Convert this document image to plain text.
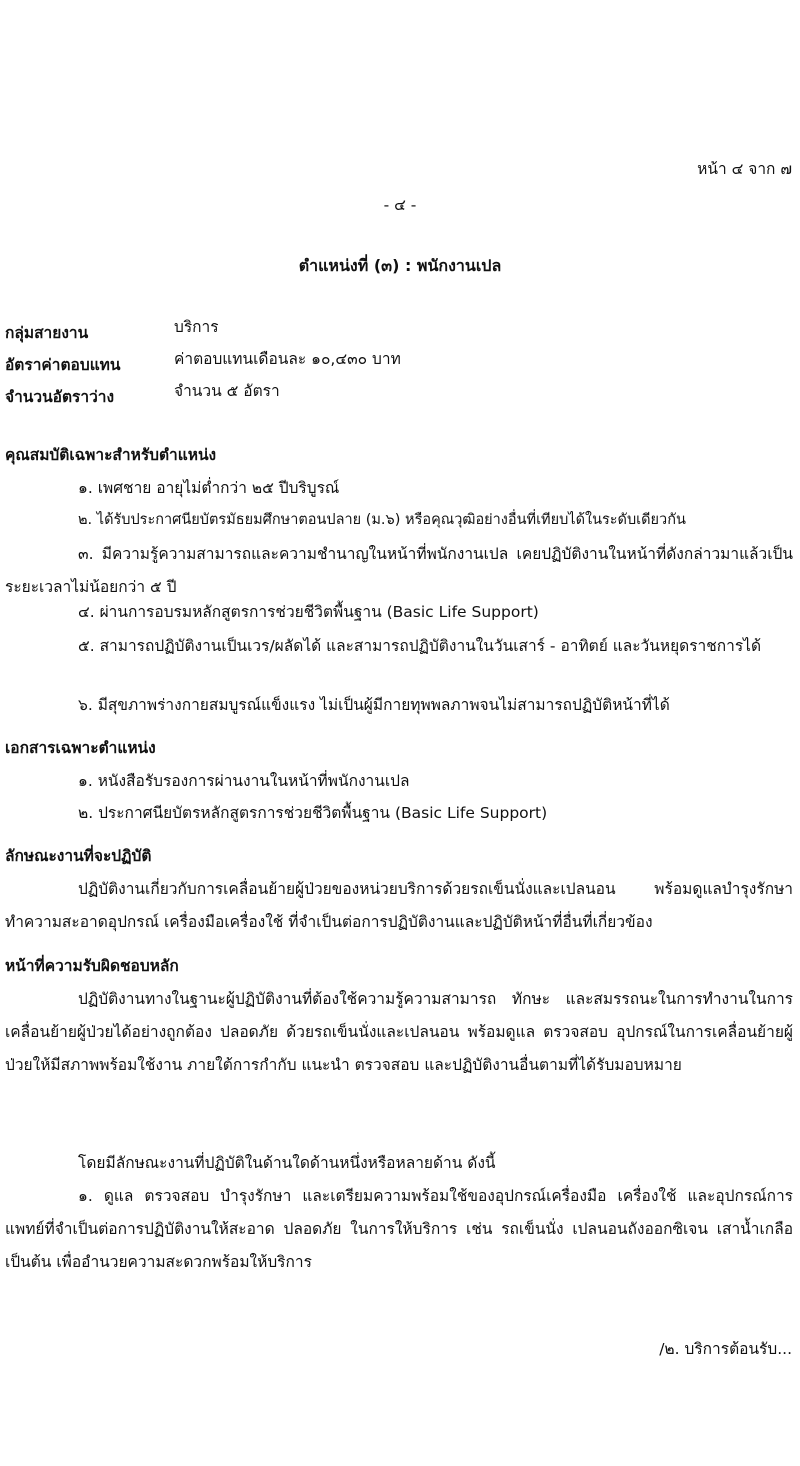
หน้า ๔ จาก ๗
- ๔ -
ตำแหน่งที่ (๓) : พนักงานเปล
กลุ่มสายงาน	บริการ
อัตราค่าตอบแทน	ค่าตอบแทนเดือนละ ๑๐,๔๓๐ บาท
จำนวนอัตราว่าง	จำนวน ๕ อัตรา
คุณสมบัติเฉพาะสำหรับตำแหน่ง
๑. เพศชาย อายุไม่ต่ำกว่า ๒๕ ปีบริบูรณ์
๒. ได้รับประกาศนียบัตรมัธยมศึกษาตอนปลาย (ม.๖) หรือคุณวุฒิอย่างอื่นที่เทียบได้ในระดับเดียวกัน
๓. มีความรู้ความสามารถและความชำนาญในหน้าที่พนักงานเปล เคยปฏิบัติงานในหน้าที่ดังกล่าวมาแล้วเป็นระยะเวลาไม่น้อยกว่า ๕ ปี
๔. ผ่านการอบรมหลักสูตรการช่วยชีวิตพื้นฐาน (Basic Life Support)
๕. สามารถปฏิบัติงานเป็นเวร/ผลัดได้ และสามารถปฏิบัติงานในวันเสาร์ - อาทิตย์ และวันหยุดราชการได้
๖. มีสุขภาพร่างกายสมบูรณ์แข็งแรง ไม่เป็นผู้มีกายทุพพลภาพจนไม่สามารถปฏิบัติหน้าที่ได้
เอกสารเฉพาะตำแหน่ง
๑. หนังสือรับรองการผ่านงานในหน้าที่พนักงานเปล
๒. ประกาศนียบัตรหลักสูตรการช่วยชีวิตพื้นฐาน (Basic Life Support)
ลักษณะงานที่จะปฏิบัติ
ปฏิบัติงานเกี่ยวกับการเคลื่อนย้ายผู้ป่วยของหน่วยบริการด้วยรถเข็นนั่งและเปลนอน พร้อมดูแลบำรุงรักษา ทำความสะอาดอุปกรณ์ เครื่องมือเครื่องใช้ ที่จำเป็นต่อการปฏิบัติงานและปฏิบัติหน้าที่อื่นที่เกี่ยวข้อง
หน้าที่ความรับผิดชอบหลัก
ปฏิบัติงานทางในฐานะผู้ปฏิบัติงานที่ต้องใช้ความรู้ความสามารถ ทักษะ และสมรรถนะในการทำงานในการเคลื่อนย้ายผู้ป่วยได้อย่างถูกต้อง ปลอดภัย ด้วยรถเข็นนั่งและเปลนอน พร้อมดูแล ตรวจสอบ อุปกรณ์ในการเคลื่อนย้ายผู้ป่วยให้มีสภาพพร้อมใช้งาน ภายใต้การกำกับ แนะนำ ตรวจสอบ และปฏิบัติงานอื่นตามที่ได้รับมอบหมาย
โดยมีลักษณะงานที่ปฏิบัติในด้านใดด้านหนึ่งหรือหลายด้าน ดังนี้
๑. ดูแล ตรวจสอบ บำรุงรักษา และเตรียมความพร้อมใช้ของอุปกรณ์เครื่องมือ เครื่องใช้ และอุปกรณ์การแพทย์ที่จำเป็นต่อการปฏิบัติงานให้สะอาด ปลอดภัย ในการให้บริการ เช่น รถเข็นนั่ง เปลนอนถังออกซิเจน เสาน้ำเกลือ เป็นต้น เพื่ออำนวยความสะดวกพร้อมให้บริการ
/๒. บริการต้อนรับ...
